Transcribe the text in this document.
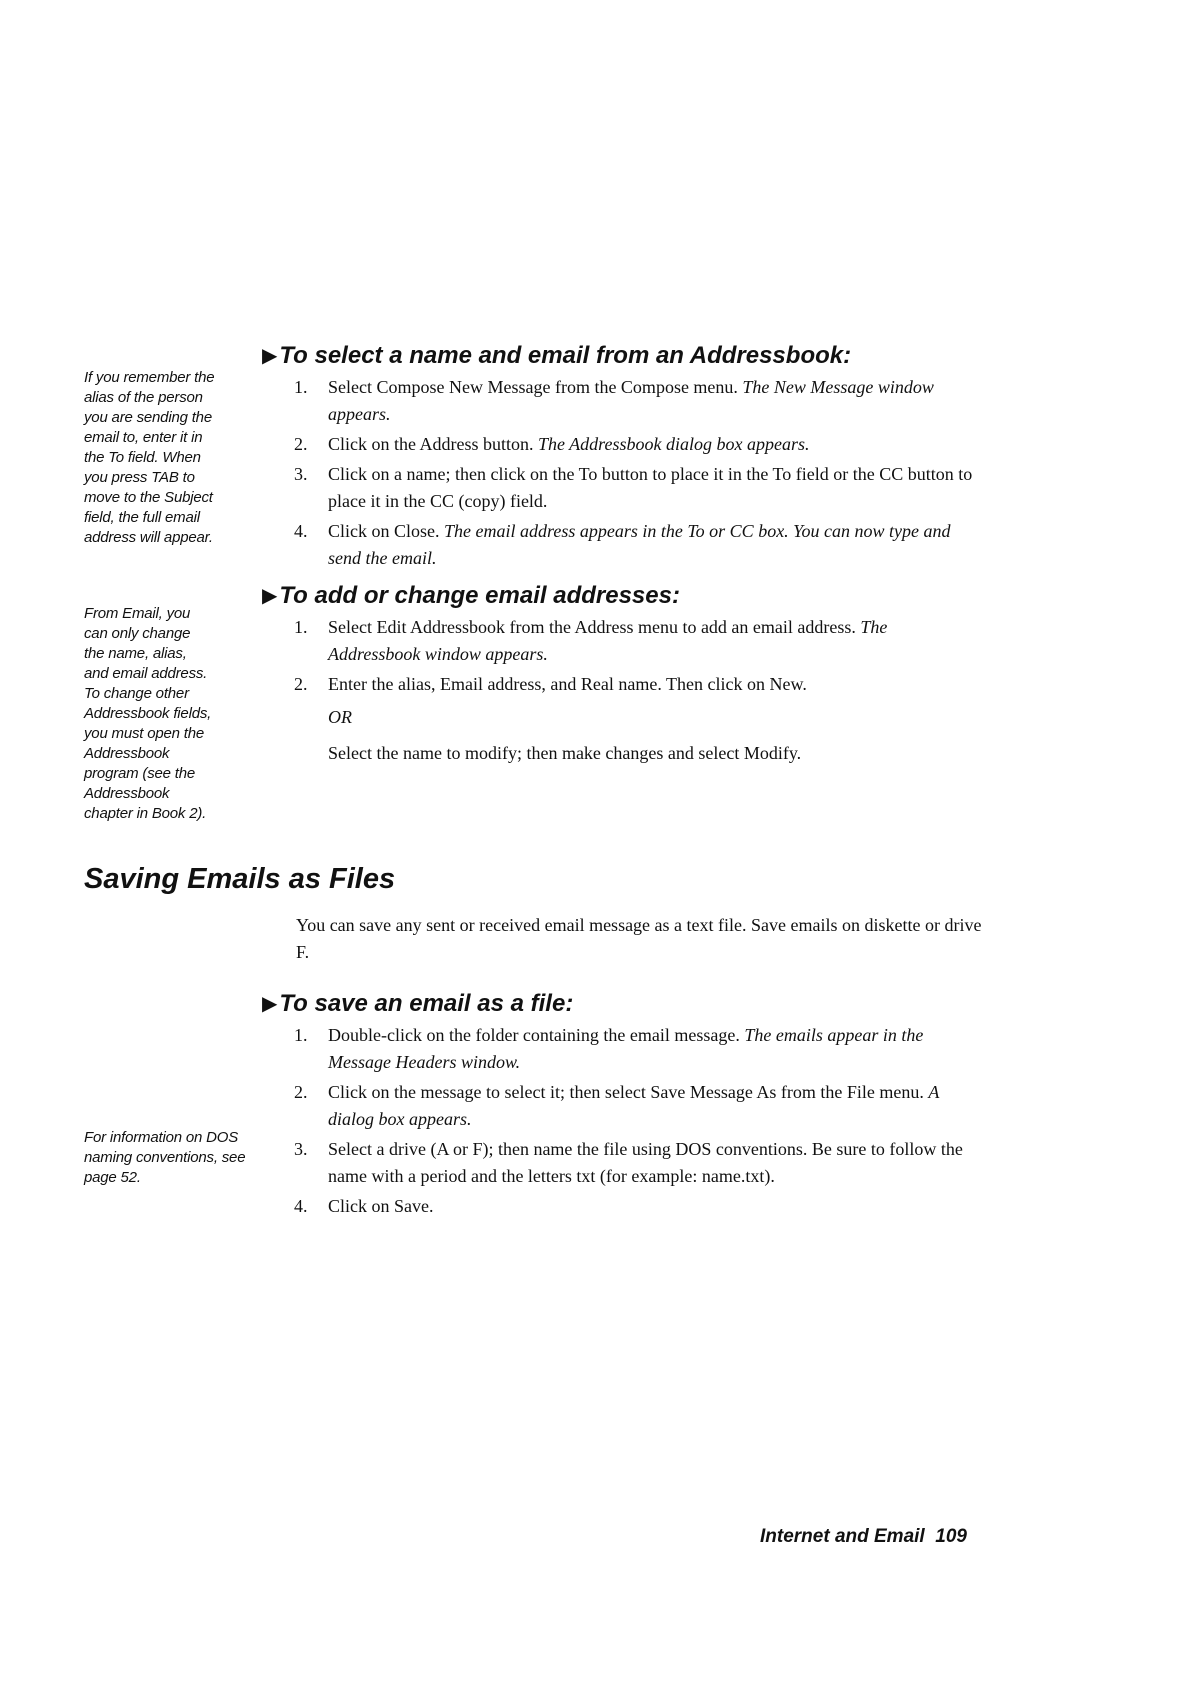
If you remember the
alias of the person
you are sending the
email to, enter it in
the To field. When
you press TAB to
move to the Subject
field, the full email
address will appear.
From Email, you
can only change
the name, alias,
and email address.
To change other
Addressbook fields,
you must open the
Addressbook
program (see the
Addressbook
chapter in Book 2).
For information on DOS
naming conventions, see
page 52.
▶To select a name and email from an Addressbook:
1.	Select Compose New Message from the Compose menu. The New Message window appears.
2.	Click on the Address button. The Addressbook dialog box appears.
3.	Click on a name; then click on the To button to place it in the To field or the CC button to place it in the CC (copy) field.
4.	Click on Close. The email address appears in the To or CC box. You can now type and send the email.
▶To add or change email addresses:
1.	Select Edit Addressbook from the Address menu to add an email address. The Addressbook window appears.
2.	Enter the alias, Email address, and Real name. Then click on New.
OR
Select the name to modify; then make changes and select Modify.
Saving Emails as Files
You can save any sent or received email message as a text file. Save emails on diskette or drive F.
▶To save an email as a file:
1.	Double-click on the folder containing the email message. The emails appear in the Message Headers window.
2.	Click on the message to select it; then select Save Message As from the File menu. A dialog box appears.
3.	Select a drive (A or F); then name the file using DOS conventions. Be sure to follow the name with a period and the letters txt (for example: name.txt).
4.	Click on Save.
Internet and Email 109
